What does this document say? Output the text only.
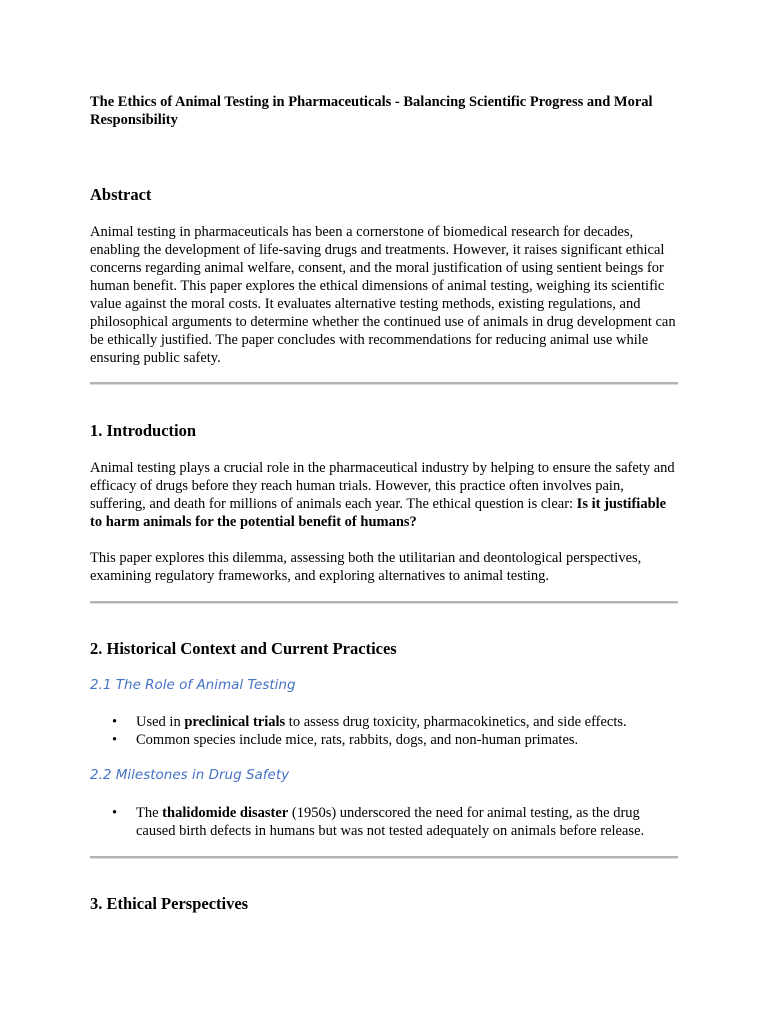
The Ethics of Animal Testing in Pharmaceuticals - Balancing Scientific Progress and Moral Responsibility
Abstract

Animal testing in pharmaceuticals has been a cornerstone of biomedical research for decades, enabling the development of life-saving drugs and treatments. However, it raises significant ethical concerns regarding animal welfare, consent, and the moral justification of using sentient beings for human benefit. This paper explores the ethical dimensions of animal testing, weighing its scientific value against the moral costs. It evaluates alternative testing methods, existing regulations, and philosophical arguments to determine whether the continued use of animals in drug development can be ethically justified. The paper concludes with recommendations for reducing animal use while ensuring public safety.

1. Introduction

Animal testing plays a crucial role in the pharmaceutical industry by helping to ensure the safety and efficacy of drugs before they reach human trials. However, this practice often involves pain, suffering, and death for millions of animals each year. The ethical question is clear: Is it justifiable to harm animals for the potential benefit of humans?

This paper explores this dilemma, assessing both the utilitarian and deontological perspectives, examining regulatory frameworks, and exploring alternatives to animal testing.

2. Historical Context and Current Practices
2.1 The Role of Animal Testing
• Used in preclinical trials to assess drug toxicity, pharmacokinetics, and side effects.
• Common species include mice, rats, rabbits, dogs, and non-human primates.
2.2 Milestones in Drug Safety
• The thalidomide disaster (1950s) underscored the need for animal testing, as the drug caused birth defects in humans but was not tested adequately on animals before release.
3. Ethical Perspectives
